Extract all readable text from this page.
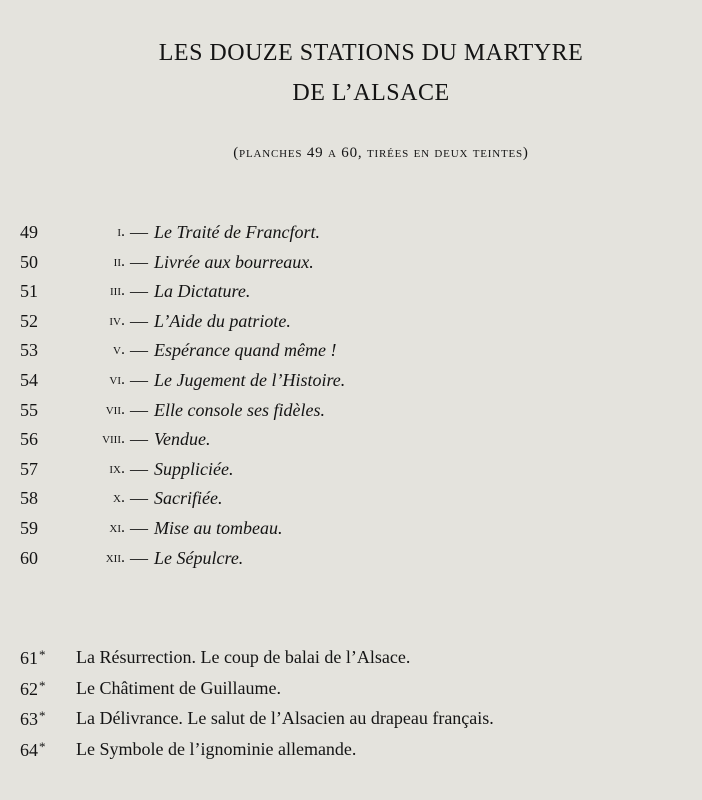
LES DOUZE STATIONS DU MARTYRE
DE L’ALSACE
(planches 49 a 60, tirées en deux teintes)
49	i. — Le Traité de Francfort.
50	ii. — Livrée aux bourreaux.
51	iii. — La Dictature.
52	iv. — L’Aide du patriote.
53	v. — Espérance quand même !
54	vi. — Le Jugement de l’Histoire.
55	vii. — Elle console ses fidèles.
56	viii. — Vendue.
57	ix. — Suppliciée.
58	x. — Sacrifiée.
59	xi. — Mise au tombeau.
60	xii. — Le Sépulcre.
61* La Résurrection. Le coup de balai de l’Alsace.
62* Le Châtiment de Guillaume.
63* La Délivrance. Le salut de l’Alsacien au drapeau français.
64* Le Symbole de l’ignominie allemande.
